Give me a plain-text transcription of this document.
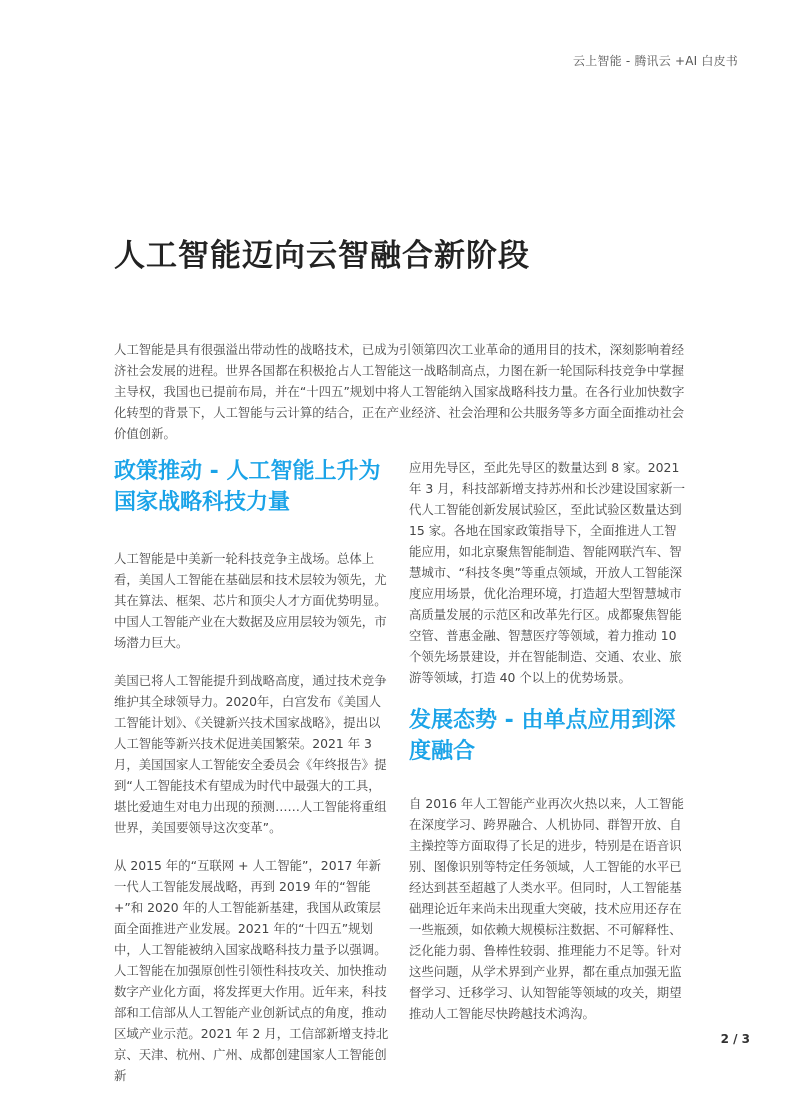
云上智能 - 腾讯云 +AI 白皮书
人工智能迈向云智融合新阶段

人工智能是具有很强溢出带动性的战略技术，已成为引领第四次工业革命的通用目的技术，深刻影响着经济社会发展的进程。世界各国都在积极抢占人工智能这一战略制高点，力图在新一轮国际科技竞争中掌握主导权，我国也已提前布局，并在“十四五”规划中将人工智能纳入国家战略科技力量。在各行业加快数字化转型的背景下，人工智能与云计算的结合，正在产业经济、社会治理和公共服务等多方面全面推动社会价值创新。

政策推动 - 人工智能上升为国家战略科技力量

人工智能是中美新一轮科技竞争主战场。总体上看，美国人工智能在基础层和技术层较为领先，尤其在算法、框架、芯片和顶尖人才方面优势明显。中国人工智能产业在大数据及应用层较为领先，市场潜力巨大。

美国已将人工智能提升到战略高度，通过技术竞争维护其全球领导力。2020年，白宫发布《美国人工智能计划》、《关键新兴技术国家战略》，提出以人工智能等新兴技术促进美国繁荣。2021 年 3 月，美国国家人工智能安全委员会《年终报告》提到“人工智能技术有望成为时代中最强大的工具，堪比爱迪生对电力出现的预测……人工智能将重组世界，美国要领导这次变革”。

从 2015 年的“互联网 + 人工智能”，2017 年新一代人工智能发展战略，再到 2019 年的“智能 +”和 2020 年的人工智能新基建，我国从政策层面全面推进产业发展。2021 年的“十四五”规划中，人工智能被纳入国家战略科技力量予以强调。人工智能在加强原创性引领性科技攻关、加快推动数字产业化方面，将发挥更大作用。近年来，科技部和工信部从人工智能产业创新试点的角度，推动区域产业示范。2021 年 2 月，工信部新增支持北京、天津、杭州、广州、成都创建国家人工智能创新

应用先导区，至此先导区的数量达到 8 家。2021 年 3 月，科技部新增支持苏州和长沙建设国家新一代人工智能创新发展试验区，至此试验区数量达到 15 家。各地在国家政策指导下，全面推进人工智能应用，如北京聚焦智能制造、智能网联汽车、智慧城市、“科技冬奥”等重点领域，开放人工智能深度应用场景，优化治理环境，打造超大型智慧城市高质量发展的示范区和改革先行区。成都聚焦智能空管、普惠金融、智慧医疗等领域，着力推动 10 个领先场景建设，并在智能制造、交通、农业、旅游等领域，打造 40 个以上的优势场景。

发展态势 - 由单点应用到深度融合

自 2016 年人工智能产业再次火热以来，人工智能在深度学习、跨界融合、人机协同、群智开放、自主操控等方面取得了长足的进步，特别是在语音识别、图像识别等特定任务领域，人工智能的水平已经达到甚至超越了人类水平。但同时，人工智能基础理论近年来尚未出现重大突破，技术应用还存在一些瓶颈，如依赖大规模标注数据、不可解释性、泛化能力弱、鲁棒性较弱、推理能力不足等。针对这些问题，从学术界到产业界，都在重点加强无监督学习、迁移学习、认知智能等领域的攻关，期望推动人工智能尽快跨越技术鸿沟。

2 / 3
